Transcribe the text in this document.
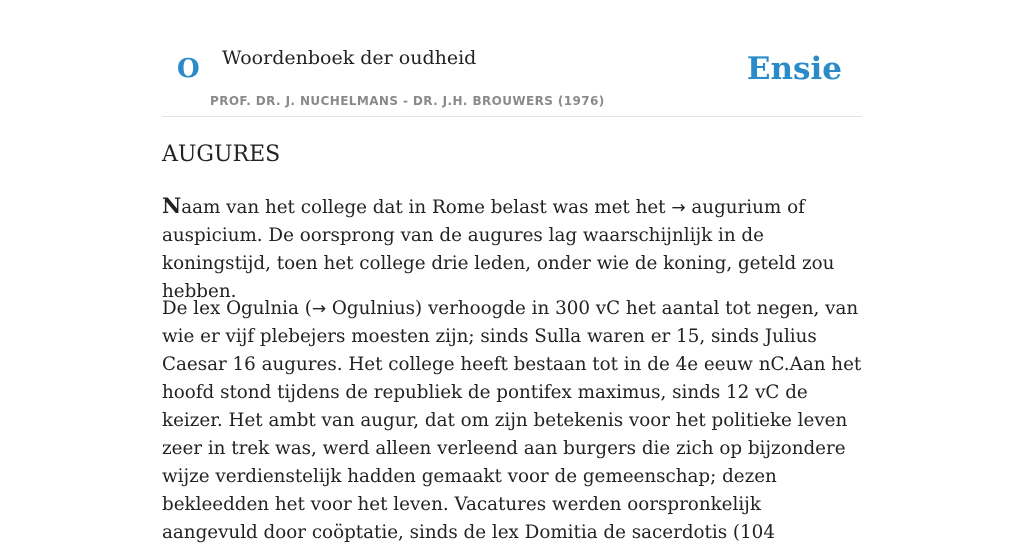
O Woordenboek der oudheid	Ensie
PROF. DR. J. NUCHELMANS - DR. J.H. BROUWERS (1976)
AUGURES

Naam van het college dat in Rome belast was met het → augurium of auspicium. De oorsprong van de augures lag waarschijnlijk in de koningstijd, toen het college drie leden, onder wie de koning, geteld zou hebben.

De lex Ogulnia (→ Ogulnius) verhoogde in 300 vC het aantal tot negen, van wie er vijf plebejers moesten zijn; sinds Sulla waren er 15, sinds Julius Caesar 16 augures. Het college heeft bestaan tot in de 4e eeuw nC.Aan het hoofd stond tijdens de republiek de pontifex maximus, sinds 12 vC de keizer. Het ambt van augur, dat om zijn betekenis voor het politieke leven zeer in trek was, werd alleen verleend aan burgers die zich op bijzondere wijze verdienstelijk hadden gemaakt voor de gemeenschap; dezen bekleedden het voor het leven. Vacatures werden oorspronkelijk aangevuld door coöptatie, sinds de lex Domitia de sacerdotis (104
